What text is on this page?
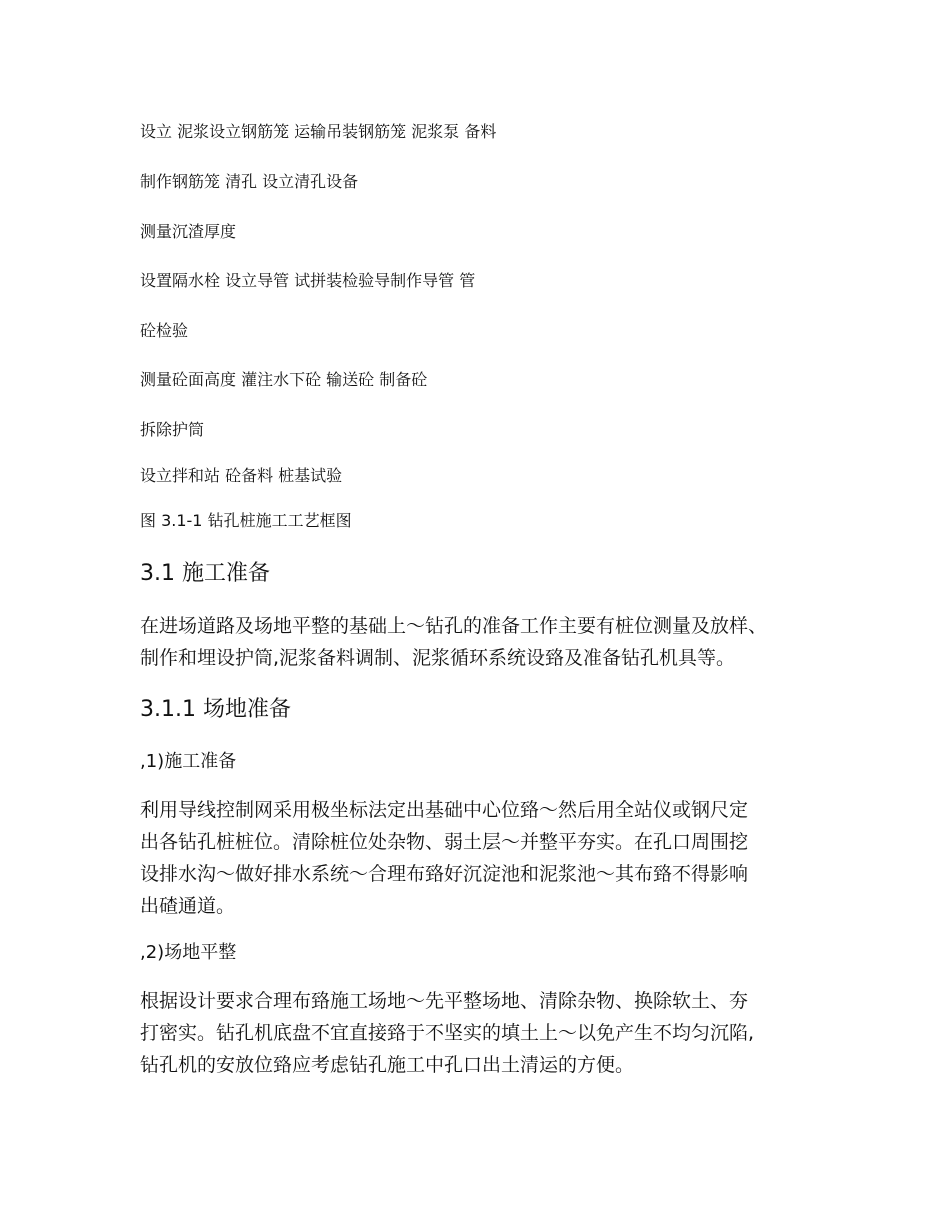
设立 泥浆设立钢筋笼 运输吊装钢筋笼 泥浆泵 备料
制作钢筋笼 清孔 设立清孔设备
测量沉渣厚度
设置隔水栓 设立导管 试拼装检验导制作导管 管
砼检验
测量砼面高度 灌注水下砼 输送砼 制备砼
拆除护筒
设立拌和站 砼备料 桩基试验
图 3.1-1 钻孔桩施工工艺框图
3.1 施工准备
在进场道路及场地平整的基础上～钻孔的准备工作主要有桩位测量及放样、
制作和埋设护筒,泥浆备料调制、泥浆循环系统设臵及准备钻孔机具等。
3.1.1 场地准备
,1)施工准备
利用导线控制网采用极坐标法定出基础中心位臵～然后用全站仪或钢尺定
出各钻孔桩桩位。清除桩位处杂物、弱土层～并整平夯实。在孔口周围挖
设排水沟～做好排水系统～合理布臵好沉淀池和泥浆池～其布臵不得影响
出碴通道。
,2)场地平整
根据设计要求合理布臵施工场地～先平整场地、清除杂物、换除软土、夯
打密实。钻孔机底盘不宜直接臵于不坚实的填土上～以免产生不均匀沉陷,
钻孔机的安放位臵应考虑钻孔施工中孔口出土清运的方便。
